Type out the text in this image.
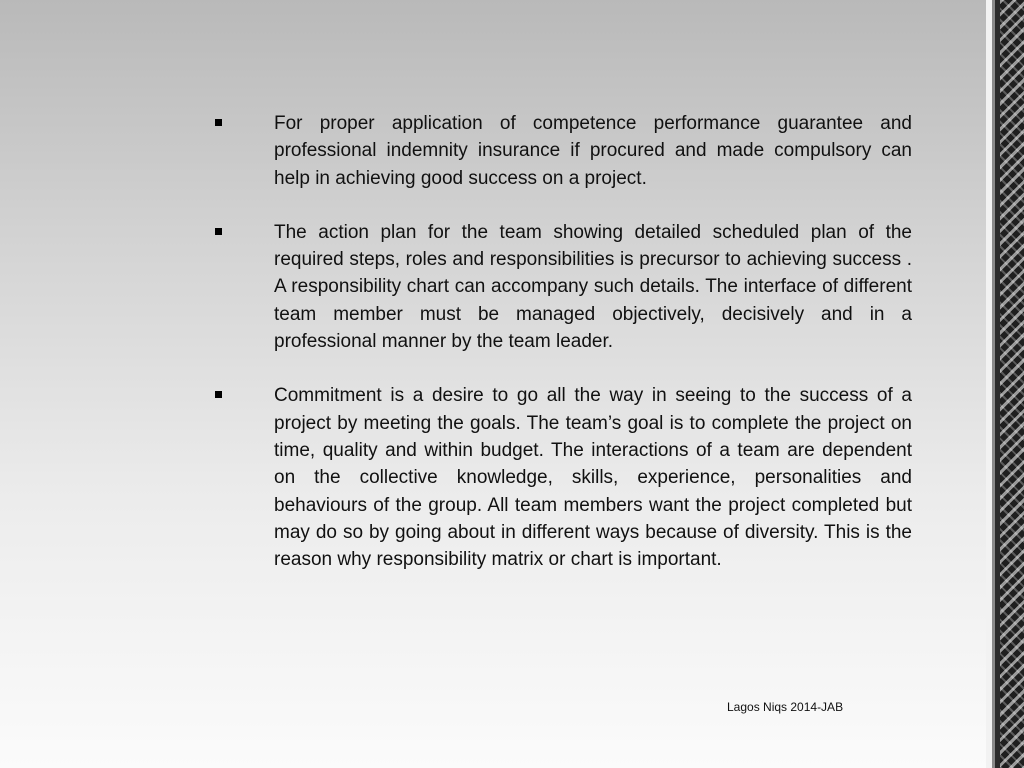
For proper application of competence performance guarantee and professional indemnity insurance if procured and made compulsory can help in achieving good success on a project.

The action plan for the team showing detailed scheduled plan of the required steps, roles and responsibilities is precursor to achieving success . A responsibility chart can accompany such details. The interface of different team member must be managed objectively, decisively and in a professional manner by the team leader.

Commitment is a desire to go all the way in seeing to the success of a project by meeting the goals. The team’s goal is to complete the project on time, quality and within budget. The interactions of a team are dependent on the collective knowledge, skills, experience, personalities and behaviours of the group. All team members want the project completed but may do so by going about in different ways because of diversity. This is the reason why responsibility matrix or chart is important.

Lagos Niqs 2014-JAB
